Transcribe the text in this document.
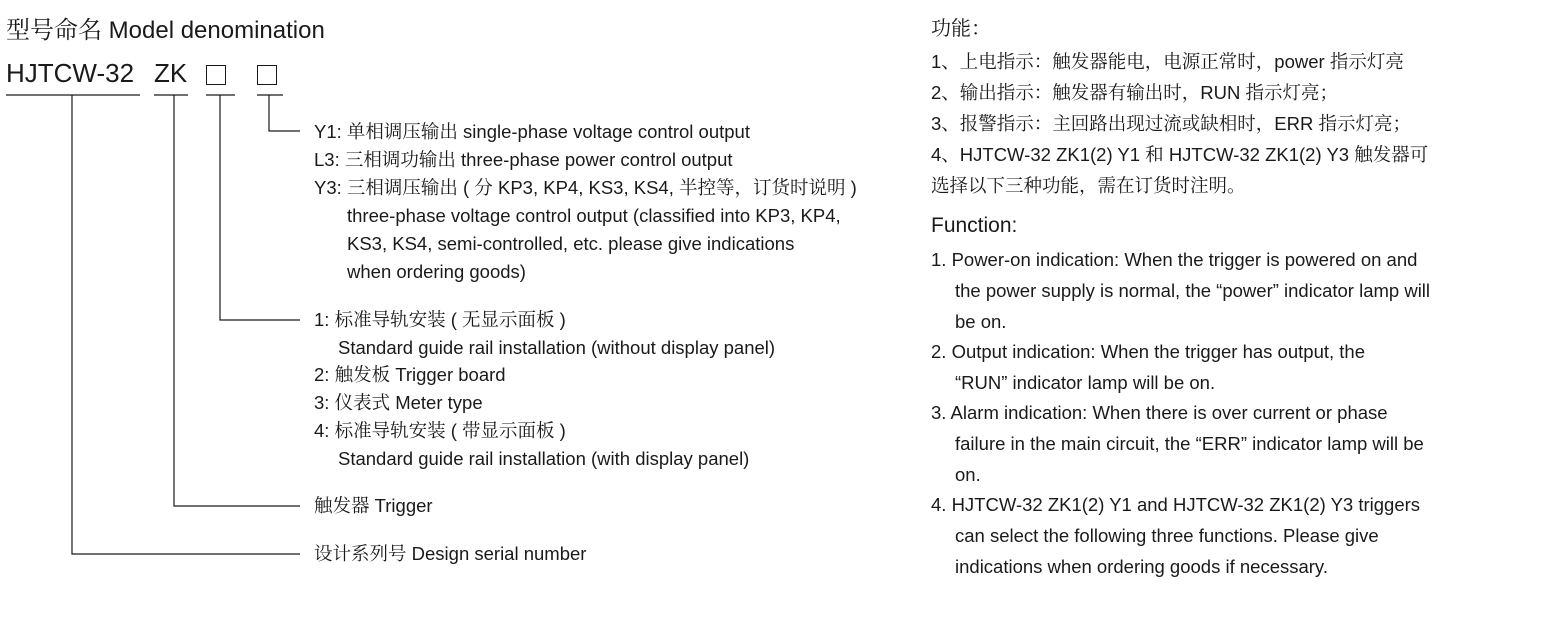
型号命名 Model denomination
HJTCW-32 ZK
Y1: 单相调压输出 single-phase voltage control output
L3: 三相调功输出 three-phase power control output
Y3: 三相调压输出 ( 分 KP3, KP4, KS3, KS4, 半控等，订货时说明 )
three-phase voltage control output (classified into KP3, KP4,
KS3, KS4, semi-controlled, etc. please give indications
when ordering goods)
1: 标准导轨安装 ( 无显示面板 )
Standard guide rail installation (without display panel)
2: 触发板 Trigger board
3: 仪表式 Meter type
4: 标准导轨安装 ( 带显示面板 )
Standard guide rail installation (with display panel)
触发器 Trigger
设计系列号 Design serial number
功能：
1、上电指示：触发器能电，电源正常时，power 指示灯亮
2、输出指示：触发器有输出时，RUN 指示灯亮；
3、报警指示：主回路出现过流或缺相时，ERR 指示灯亮；
4、HJTCW-32 ZK1(2) Y1 和 HJTCW-32 ZK1(2) Y3 触发器可
选择以下三种功能，需在订货时注明。
Function:
1. Power-on indication: When the trigger is powered on and
the power supply is normal, the “power” indicator lamp will
be on.
2. Output indication: When the trigger has output, the
“RUN” indicator lamp will be on.
3. Alarm indication: When there is over current or phase
failure in the main circuit, the “ERR” indicator lamp will be
on.
4. HJTCW-32 ZK1(2) Y1 and HJTCW-32 ZK1(2) Y3 triggers
can select the following three functions. Please give
indications when ordering goods if necessary.
